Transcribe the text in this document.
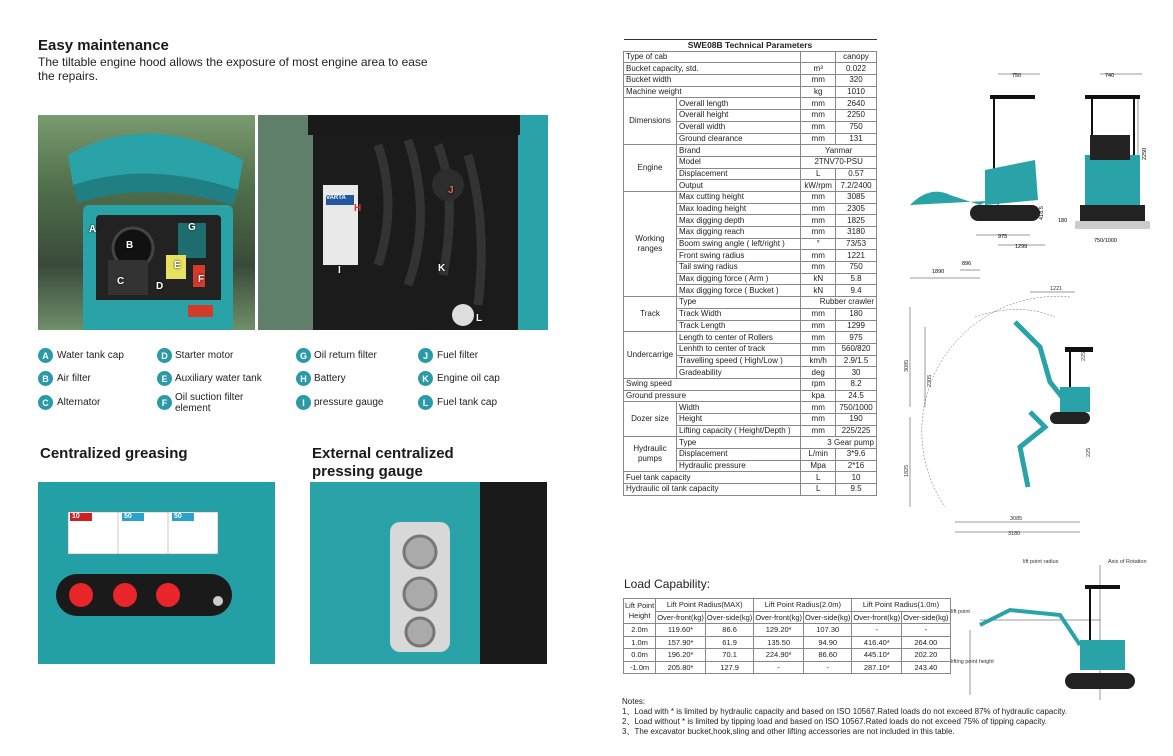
Easy maintenance
The tiltable engine hood allows the exposure of most engine area to ease
the repairs.
A
B
C	D
E
F
G
H
I
J
K
L
VARTA
A Water tank cap
B Air filter
C Alternator
D Starter motor
E Auxiliary water tank
F Oil suction filter element
G Oil return filter
H Battery
I pressure gauge
J Fuel filter
K Engine oil cap
L Fuel tank cap
Centralized greasing
10	50	50
External centralized
pressing gauge
SWE08B Technical Parameters			
Type of cab			canopy
Bucket capacity, std.		m³	0.022
Bucket width		mm	320
Machine weight		kg	1010
Dimensions	Overall length	mm	2640
	Overall height	mm	2250
	Overall width	mm	750
	Ground clearance	mm	131
Engine	Brand	Yanmar	
	Model	2TNV70-PSU	
	Displacement	L	0.57
	Output	kW/rpm	7.2/2400
Working
ranges	Max cutting height	mm	3085
	Max loading height	mm	2305
	Max digging depth	mm	1825
	Max digging reach	mm	3180
	Boom swing angle ( left/right )	°	73/53
	Front swing radius	mm	1221
	Tail swing radius	mm	750
	Max digging force ( Arm )	kN	5.8
	Max digging force ( Bucket )	kN	9.4
Track	Type	Rubber crawler	
	Track Width	mm	180
	Track Length	mm	1299
Undercarrige	Length to center of Rollers	mm	975
	Lenhth to center of track	mm	560/820
	Travelling speed ( High/Low )	km/h	2.9/1.5
	Gradeability	deg	30
Swing speed		rpm	8.2
Ground pressure		kpa	24.5
Dozer size	Width	mm	750/1000
	Height	mm	190
	Lifting capacity ( Height/Depth )	mm	225/225
Hydraulic
pumps	Type	3 Gear pump	
	Displacement	L/min	3*9.6
	Hydraulic pressure	Mpa	2*16
Fuel tank capacity		L	10
Hydraulic oil tank capacity		L	9.5
750	740
2250
180
750/1000
418.5
975
1299
896
1890
1221
3085
2305
225
225
1825
3085
3180
lift point radius	Axis of Rotation
lift point
lifting point height
Load Capability:
Lift Point
Height	Lift Point Radius(MAX)		Lift Point Radius(2.0m)		Lift Point Radius(1.0m)	
	Over-front(kg)	Over-side(kg)	Over-front(kg)	Over-side(kg)	Over-front(kg)	Over-side(kg)
2.0m	119.60*	86.6	129.20*	107.30	-	-
1.0m	157.90*	61.9	135.50	94.90	416.40*	264.00
0.0m	196.20*	70.1	224.90*	86.60	445.10*	202.20
-1.0m	205.80*	127.9	-	-	287.10*	243.40
Notes:
1、Load with * is limited by hydraulic capacity and based on ISO 10567.Rated loads do not exceed 87% of hydraulic capacity.
2、Load without * is limited by tipping load and based on ISO 10567.Rated loads do not exceed 75% of tipping capacity.
3、The excavator bucket,hook,sling and other lifting accessories are not included in this table.
